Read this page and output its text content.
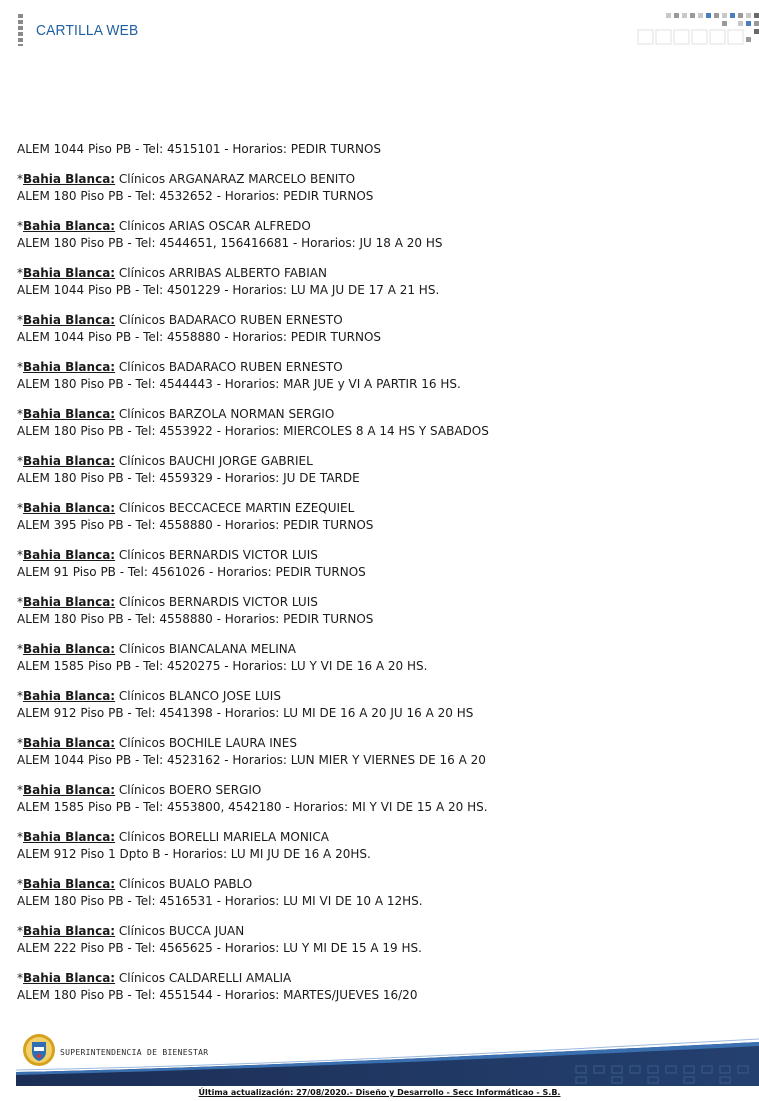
CARTILLA WEB
ALEM 1044 Piso PB - Tel: 4515101 - Horarios: PEDIR TURNOS
*Bahia Blanca: Clínicos ARGANARAZ MARCELO BENITO
ALEM 180 Piso PB - Tel: 4532652 - Horarios: PEDIR TURNOS
*Bahia Blanca: Clínicos ARIAS OSCAR ALFREDO
ALEM 180 Piso PB - Tel: 4544651, 156416681 - Horarios: JU 18 A 20 HS
*Bahia Blanca: Clínicos ARRIBAS ALBERTO FABIAN
ALEM 1044 Piso PB - Tel: 4501229 - Horarios: LU MA JU DE 17 A 21 HS.
*Bahia Blanca: Clínicos BADARACO RUBEN ERNESTO
ALEM 1044 Piso PB - Tel: 4558880 - Horarios: PEDIR TURNOS
*Bahia Blanca: Clínicos BADARACO RUBEN ERNESTO
ALEM 180 Piso PB - Tel: 4544443 - Horarios: MAR JUE y VI A PARTIR 16 HS.
*Bahia Blanca: Clínicos BARZOLA NORMAN SERGIO
ALEM 180 Piso PB - Tel: 4553922 - Horarios: MIERCOLES 8 A 14 HS Y SABADOS
*Bahia Blanca: Clínicos BAUCHI JORGE GABRIEL
ALEM 180 Piso PB - Tel: 4559329 - Horarios: JU DE TARDE
*Bahia Blanca: Clínicos BECCACECE MARTIN EZEQUIEL
ALEM 395 Piso PB - Tel: 4558880 - Horarios: PEDIR TURNOS
*Bahia Blanca: Clínicos BERNARDIS VICTOR LUIS
ALEM 91 Piso PB - Tel: 4561026 - Horarios: PEDIR TURNOS
*Bahia Blanca: Clínicos BERNARDIS VICTOR LUIS
ALEM 180 Piso PB - Tel: 4558880 - Horarios: PEDIR TURNOS
*Bahia Blanca: Clínicos BIANCALANA MELINA
ALEM 1585 Piso PB - Tel: 4520275 - Horarios: LU Y VI DE 16 A 20 HS.
*Bahia Blanca: Clínicos BLANCO JOSE LUIS
ALEM 912 Piso PB - Tel: 4541398 - Horarios: LU MI DE 16 A 20 JU 16 A 20 HS
*Bahia Blanca: Clínicos BOCHILE LAURA INES
ALEM 1044 Piso PB - Tel: 4523162 - Horarios: LUN MIER Y VIERNES DE 16 A 20
*Bahia Blanca: Clínicos BOERO SERGIO
ALEM 1585 Piso PB - Tel: 4553800, 4542180 - Horarios: MI Y VI DE 15 A 20 HS.
*Bahia Blanca: Clínicos BORELLI MARIELA MONICA
ALEM 912 Piso 1 Dpto B - Horarios: LU MI JU DE 16 A 20HS.
*Bahia Blanca: Clínicos BUALO PABLO
ALEM 180 Piso PB - Tel: 4516531 - Horarios: LU MI VI DE 10 A 12HS.
*Bahia Blanca: Clínicos BUCCA JUAN
ALEM 222 Piso PB - Tel: 4565625 - Horarios: LU Y MI DE 15 A 19 HS.
*Bahia Blanca: Clínicos CALDARELLI AMALIA
ALEM 180 Piso PB - Tel: 4551544 - Horarios: MARTES/JUEVES 16/20
SUPERINTENDENCIA DE BIENESTAR
Última actualización: 27/08/2020.- Diseño y Desarrollo - Secc Informáticao - S.B.
